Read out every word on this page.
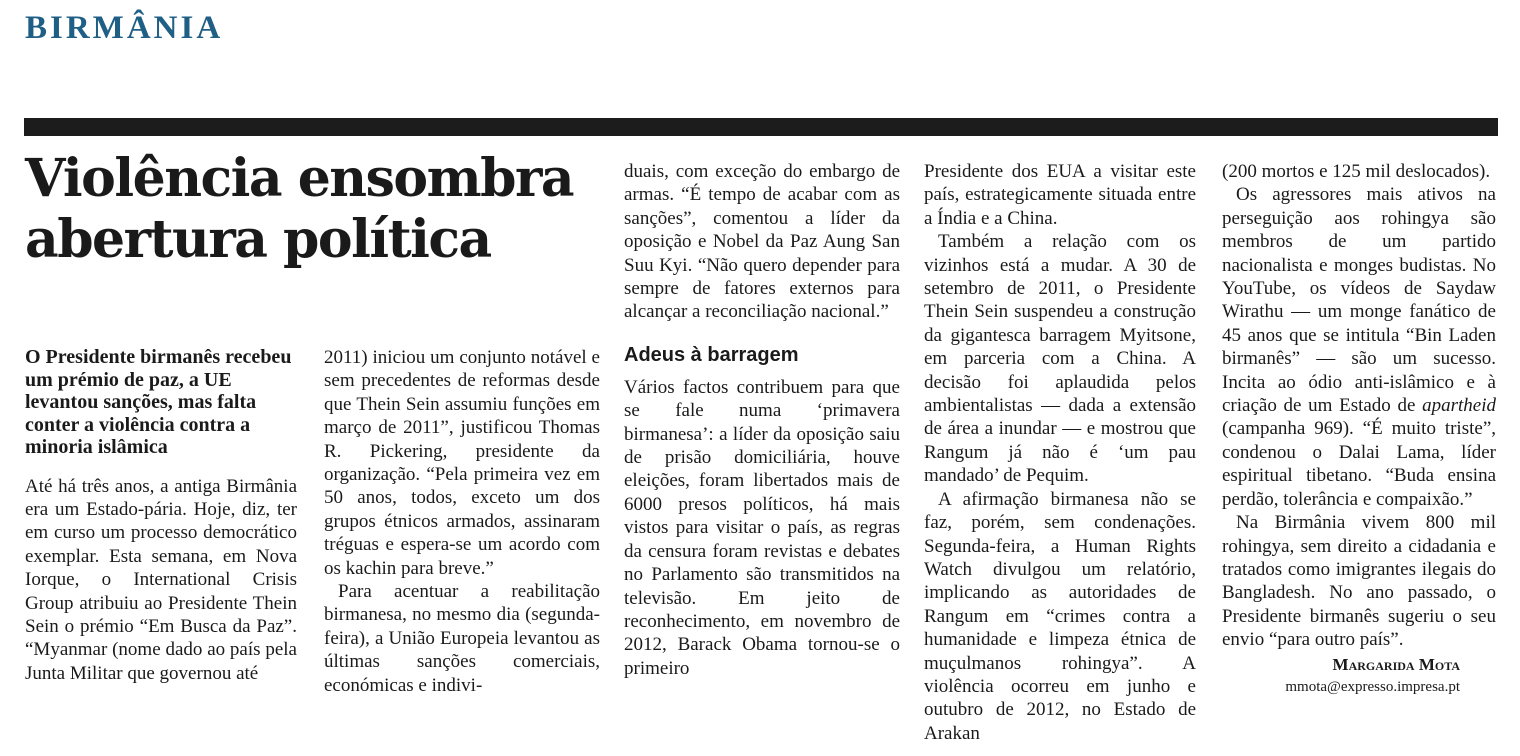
BIRMÂNIA
Violência ensombra
abertura política

O Presidente birmanês recebeu um prémio de paz, a UE levantou sanções, mas falta conter a violência contra a minoria islâmica

Até há três anos, a antiga Birmânia era um Estado-pária. Hoje, diz, ter em curso um processo democrático exemplar. Esta semana, em Nova Iorque, o International Crisis Group atribuiu ao Presidente Thein Sein o prémio “Em Busca da Paz”. “Myanmar (nome dado ao país pela Junta Militar que governou até

2011) iniciou um conjunto notável e sem precedentes de reformas desde que Thein Sein assumiu funções em março de 2011”, justificou Thomas R. Pickering, presidente da organização. “Pela primeira vez em 50 anos, todos, exceto um dos grupos étnicos armados, assinaram tréguas e espera-se um acordo com os kachin para breve.”

Para acentuar a reabilitação birmanesa, no mesmo dia (segunda-feira), a União Europeia levantou as últimas sanções comerciais, económicas e indivi-

duais, com exceção do embargo de armas. “É tempo de acabar com as sanções”, comentou a líder da oposição e Nobel da Paz Aung San Suu Kyi. “Não quero depender para sempre de fatores externos para alcançar a reconciliação nacional.”

Adeus à barragem

Vários factos contribuem para que se fale numa ‘primavera birmanesa’: a líder da oposição saiu de prisão domiciliária, houve eleições, foram libertados mais de 6000 presos políticos, há mais vistos para visitar o país, as regras da censura foram revistas e debates no Parlamento são transmitidos na televisão. Em jeito de reconhecimento, em novembro de 2012, Barack Obama tornou-se o primeiro

Presidente dos EUA a visitar este país, estrategicamente situada entre a Índia e a China.

Também a relação com os vizinhos está a mudar. A 30 de setembro de 2011, o Presidente Thein Sein suspendeu a construção da gigantesca barragem Myitsone, em parceria com a China. A decisão foi aplaudida pelos ambientalistas — dada a extensão de área a inundar — e mostrou que Rangum já não é ‘um pau mandado’ de Pequim.

A afirmação birmanesa não se faz, porém, sem condenações. Segunda-feira, a Human Rights Watch divulgou um relatório, implicando as autoridades de Rangum em “crimes contra a humanidade e limpeza étnica de muçulmanos rohingya”. A violência ocorreu em junho e outubro de 2012, no Estado de Arakan

(200 mortos e 125 mil deslocados).

Os agressores mais ativos na perseguição aos rohingya são membros de um partido nacionalista e monges budistas. No YouTube, os vídeos de Saydaw Wirathu — um monge fanático de 45 anos que se intitula “Bin Laden birmanês” — são um sucesso. Incita ao ódio anti-islâmico e à criação de um Estado de apartheid (campanha 969). “É muito triste”, condenou o Dalai Lama, líder espiritual tibetano. “Buda ensina perdão, tolerância e compaixão.”

Na Birmânia vivem 800 mil rohingya, sem direito a cidadania e tratados como imigrantes ilegais do Bangladesh. No ano passado, o Presidente birmanês sugeriu o seu envio “para outro país”.

Margarida Mota

mmota@expresso.impresa.pt
